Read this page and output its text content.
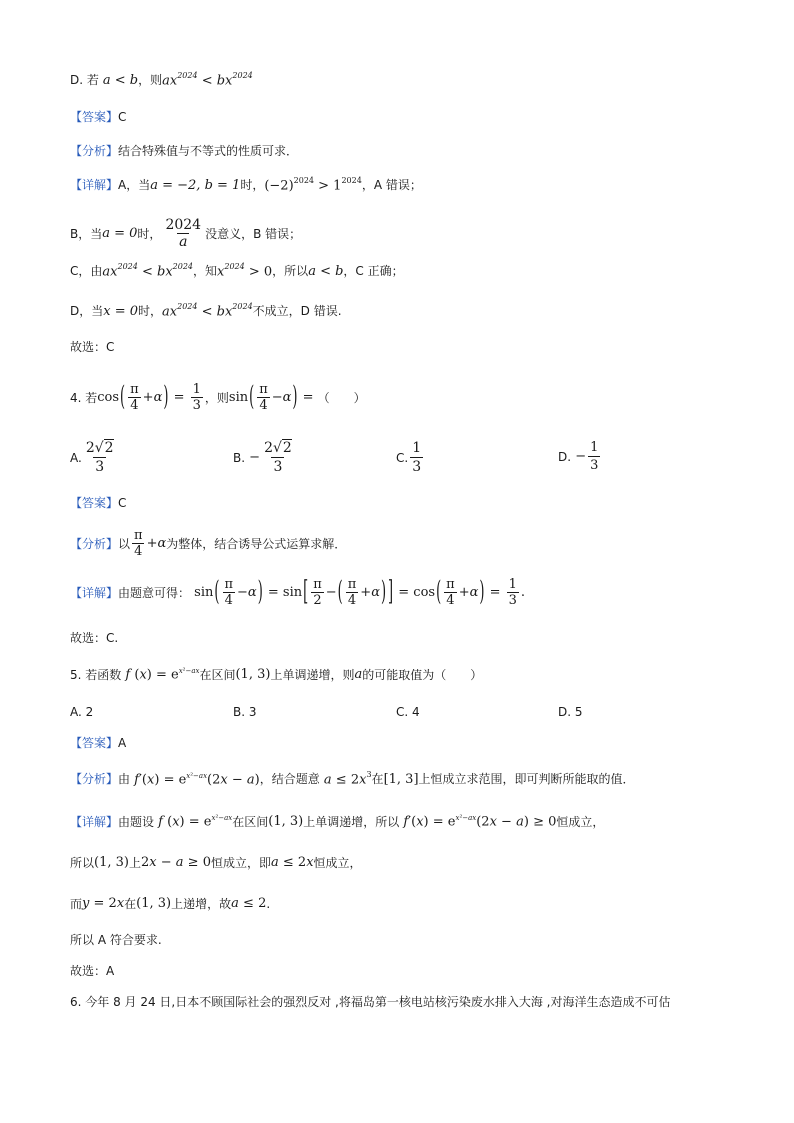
D. 若 a < b ，则 $ax^{2024} < bx^{2024}$
【答案】 C
【分析】 结合特殊值与不等式的性质可求．
【详解】 A，当 a = −2, b = 1 时， $(-2)^{2024} > 1^{2024}$ ，A 错误；
B，当 a = 0 时， $\frac{2024}{a}$ 没意义，B 错误；
C，由 $ax^{2024} < bx^{2024}$ ，知 $x^{2024} > 0$ ，所以 a < b ，C 正确；
D，当 x = 0 时， $ax^{2024} < bx^{2024}$ 不成立，D 错误.
故选：C
4. 若 cos ( $\frac{\pi}{4} + \alpha$ ) = $\frac{1}{3}$ ，则 sin ( $\frac{\pi}{4} - \alpha$ ) = （　　）
A. $\frac{2√2}{3}$	B. − $\frac{2√2}{3}$	C. $\frac{1}{3}$	D. − $\frac{1}{3}$
【答案】 C
【分析】 以 $\frac{\pi}{4} + \alpha$ 为整体，结合诱导公式运算求解．
【详解】 由题意可得： sin ( $\frac{\pi}{4} - \alpha$ ) = sin [ $\frac{\pi}{2}$ − ( $\frac{\pi}{4} + \alpha$ ) ] = cos ( $\frac{\pi}{4} + \alpha$ ) = $\frac{1}{3}$ .
故选：C.
5. 若函数 f $(x) = e^{x^2-ax}$ 在区间 (1, 3) 上单调递增，则 a 的可能取值为（　　）
A. 2	B. 3	C. 4	D. 5
【答案】 A
【分析】 由 $f'(x) = e^{x^2-ax}(2x - a)$ ，结合题意 $a \le 2x^3$ 在 [1, 3] 上恒成立求范围，即可判断所能取的值．
【详解】 由题设 f $(x) = e^{x^2-ax}$ 在区间 (1, 3) 上单调递增，所以 $f'(x) = e^{x^2-ax}(2x - a) \ge 0$ 恒成立，
所以 (1, 3) 上 2x − a ≥ 0 恒成立，即 a ≤ 2x 恒成立，
而 y = 2x 在 (1, 3) 上递增，故 a ≤ 2 .
所以 A 符合要求.
故选：A
6. 今年 8 月 24 日,日本不顾国际社会的强烈反对 ,将福岛第一核电站核污染废水排入大海 ,对海洋生态造成不可估
